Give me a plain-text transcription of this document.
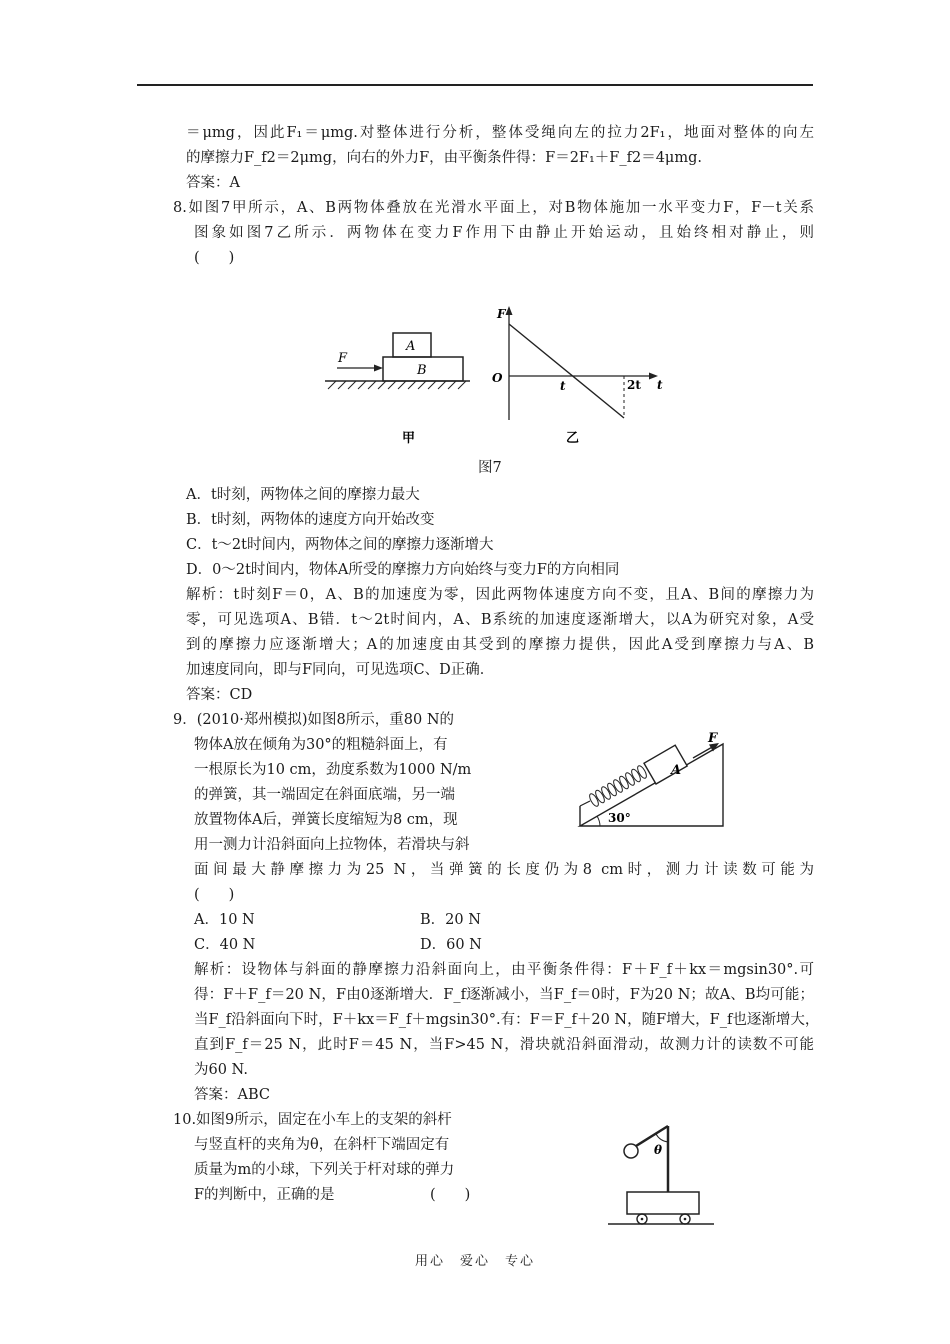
＝μmg，因此F₁＝μmg.对整体进行分析，整体受绳向左的拉力2F₁，地面对整体的向左
的摩擦力F_f2＝2μmg，向右的外力F，由平衡条件得：F＝2F₁＋F_f2＝4μmg.
答案：A
8.如图7甲所示，A、B两物体叠放在光滑水平面上，对B物体施加一水平变力F，F－t关系
图象如图7乙所示．两物体在变力F作用下由静止开始运动，且始终相对静止，则
(　　)
A
B
F
甲
F
O
t	2t t
乙
图7
A．t时刻，两物体之间的摩擦力最大
B．t时刻，两物体的速度方向开始改变
C．t～2t时间内，两物体之间的摩擦力逐渐增大
D．0～2t时间内，物体A所受的摩擦力方向始终与变力F的方向相同
解析：t时刻F＝0，A、B的加速度为零，因此两物体速度方向不变，且A、B间的摩擦力为
零，可见选项A、B错．t～2t时间内，A、B系统的加速度逐渐增大，以A为研究对象，A受
到的摩擦力应逐渐增大；A的加速度由其受到的摩擦力提供，因此A受到摩擦力与A、B
加速度同向，即与F同向，可见选项C、D正确．
答案：CD
9．(2010·郑州模拟)如图8所示，重80 N的
物体A放在倾角为30°的粗糙斜面上，有
一根原长为10 cm，劲度系数为1000 N/m
的弹簧，其一端固定在斜面底端，另一端
放置物体A后，弹簧长度缩短为8 cm，现
用一测力计沿斜面向上拉物体，若滑块与斜
面间最大静摩擦力为25 N，当弹簧的长度仍为8 cm时，测力计读数可能为
(　　)
A
F
30°
A．10 N	B．20 N
C．40 N	D．60 N
解析：设物体与斜面的静摩擦力沿斜面向上，由平衡条件得：F＋F_f＋kx＝mgsin30°.可
得：F＋F_f＝20 N，F由0逐渐增大．F_f逐渐减小，当F_f＝0时，F为20 N；故A、B均可能；
当F_f沿斜面向下时，F＋kx＝F_f＋mgsin30°.有：F＝F_f＋20 N，随F增大，F_f也逐渐增大，
直到F_f＝25 N，此时F＝45 N，当F>45 N，滑块就沿斜面滑动，故测力计的读数不可能
为60 N.
答案：ABC
10.如图9所示，固定在小车上的支架的斜杆
与竖直杆的夹角为θ，在斜杆下端固定有
质量为m的小球，下列关于杆对球的弹力
F的判断中，正确的是	(　　)
θ
用心　爱心　专心
